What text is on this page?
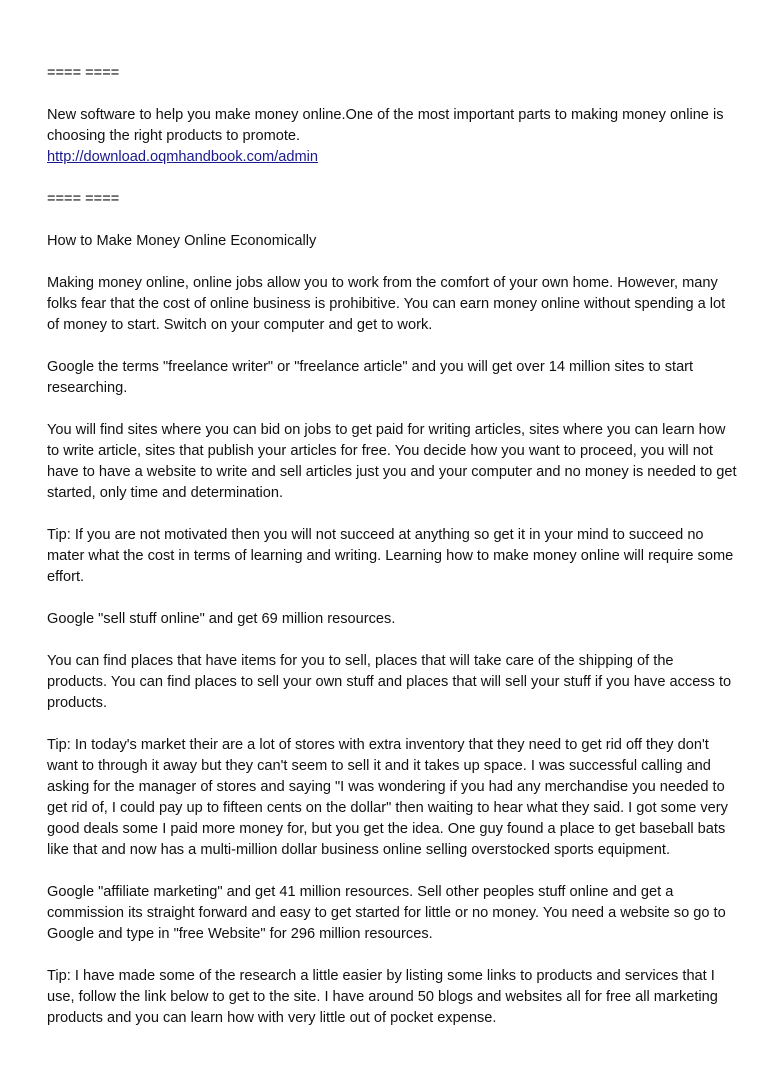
==== ====

New software to help you make money online.One of the most important parts to making money online is choosing the right products to promote.
http://download.oqmhandbook.com/admin

==== ====

How to Make Money Online Economically

Making money online, online jobs allow you to work from the comfort of your own home. However, many folks fear that the cost of online business is prohibitive. You can earn money online without spending a lot of money to start. Switch on your computer and get to work.

Google the terms "freelance writer" or "freelance article" and you will get over 14 million sites to start researching.

You will find sites where you can bid on jobs to get paid for writing articles, sites where you can learn how to write article, sites that publish your articles for free. You decide how you want to proceed, you will not have to have a website to write and sell articles just you and your computer and no money is needed to get started, only time and determination.

Tip: If you are not motivated then you will not succeed at anything so get it in your mind to succeed no mater what the cost in terms of learning and writing. Learning how to make money online will require some effort.

Google "sell stuff online" and get 69 million resources.

You can find places that have items for you to sell, places that will take care of the shipping of the products. You can find places to sell your own stuff and places that will sell your stuff if you have access to products.

Tip: In today's market their are a lot of stores with extra inventory that they need to get rid off they don't want to through it away but they can't seem to sell it and it takes up space. I was successful calling and asking for the manager of stores and saying "I was wondering if you had any merchandise you needed to get rid of, I could pay up to fifteen cents on the dollar" then waiting to hear what they said. I got some very good deals some I paid more money for, but you get the idea. One guy found a place to get baseball bats like that and now has a multi-million dollar business online selling overstocked sports equipment.

Google "affiliate marketing" and get 41 million resources. Sell other peoples stuff online and get a commission its straight forward and easy to get started for little or no money. You need a website so go to Google and type in "free Website" for 296 million resources.

Tip: I have made some of the research a little easier by listing some links to products and services that I use, follow the link below to get to the site. I have around 50 blogs and websites all for free all marketing products and you can learn how with very little out of pocket expense.
